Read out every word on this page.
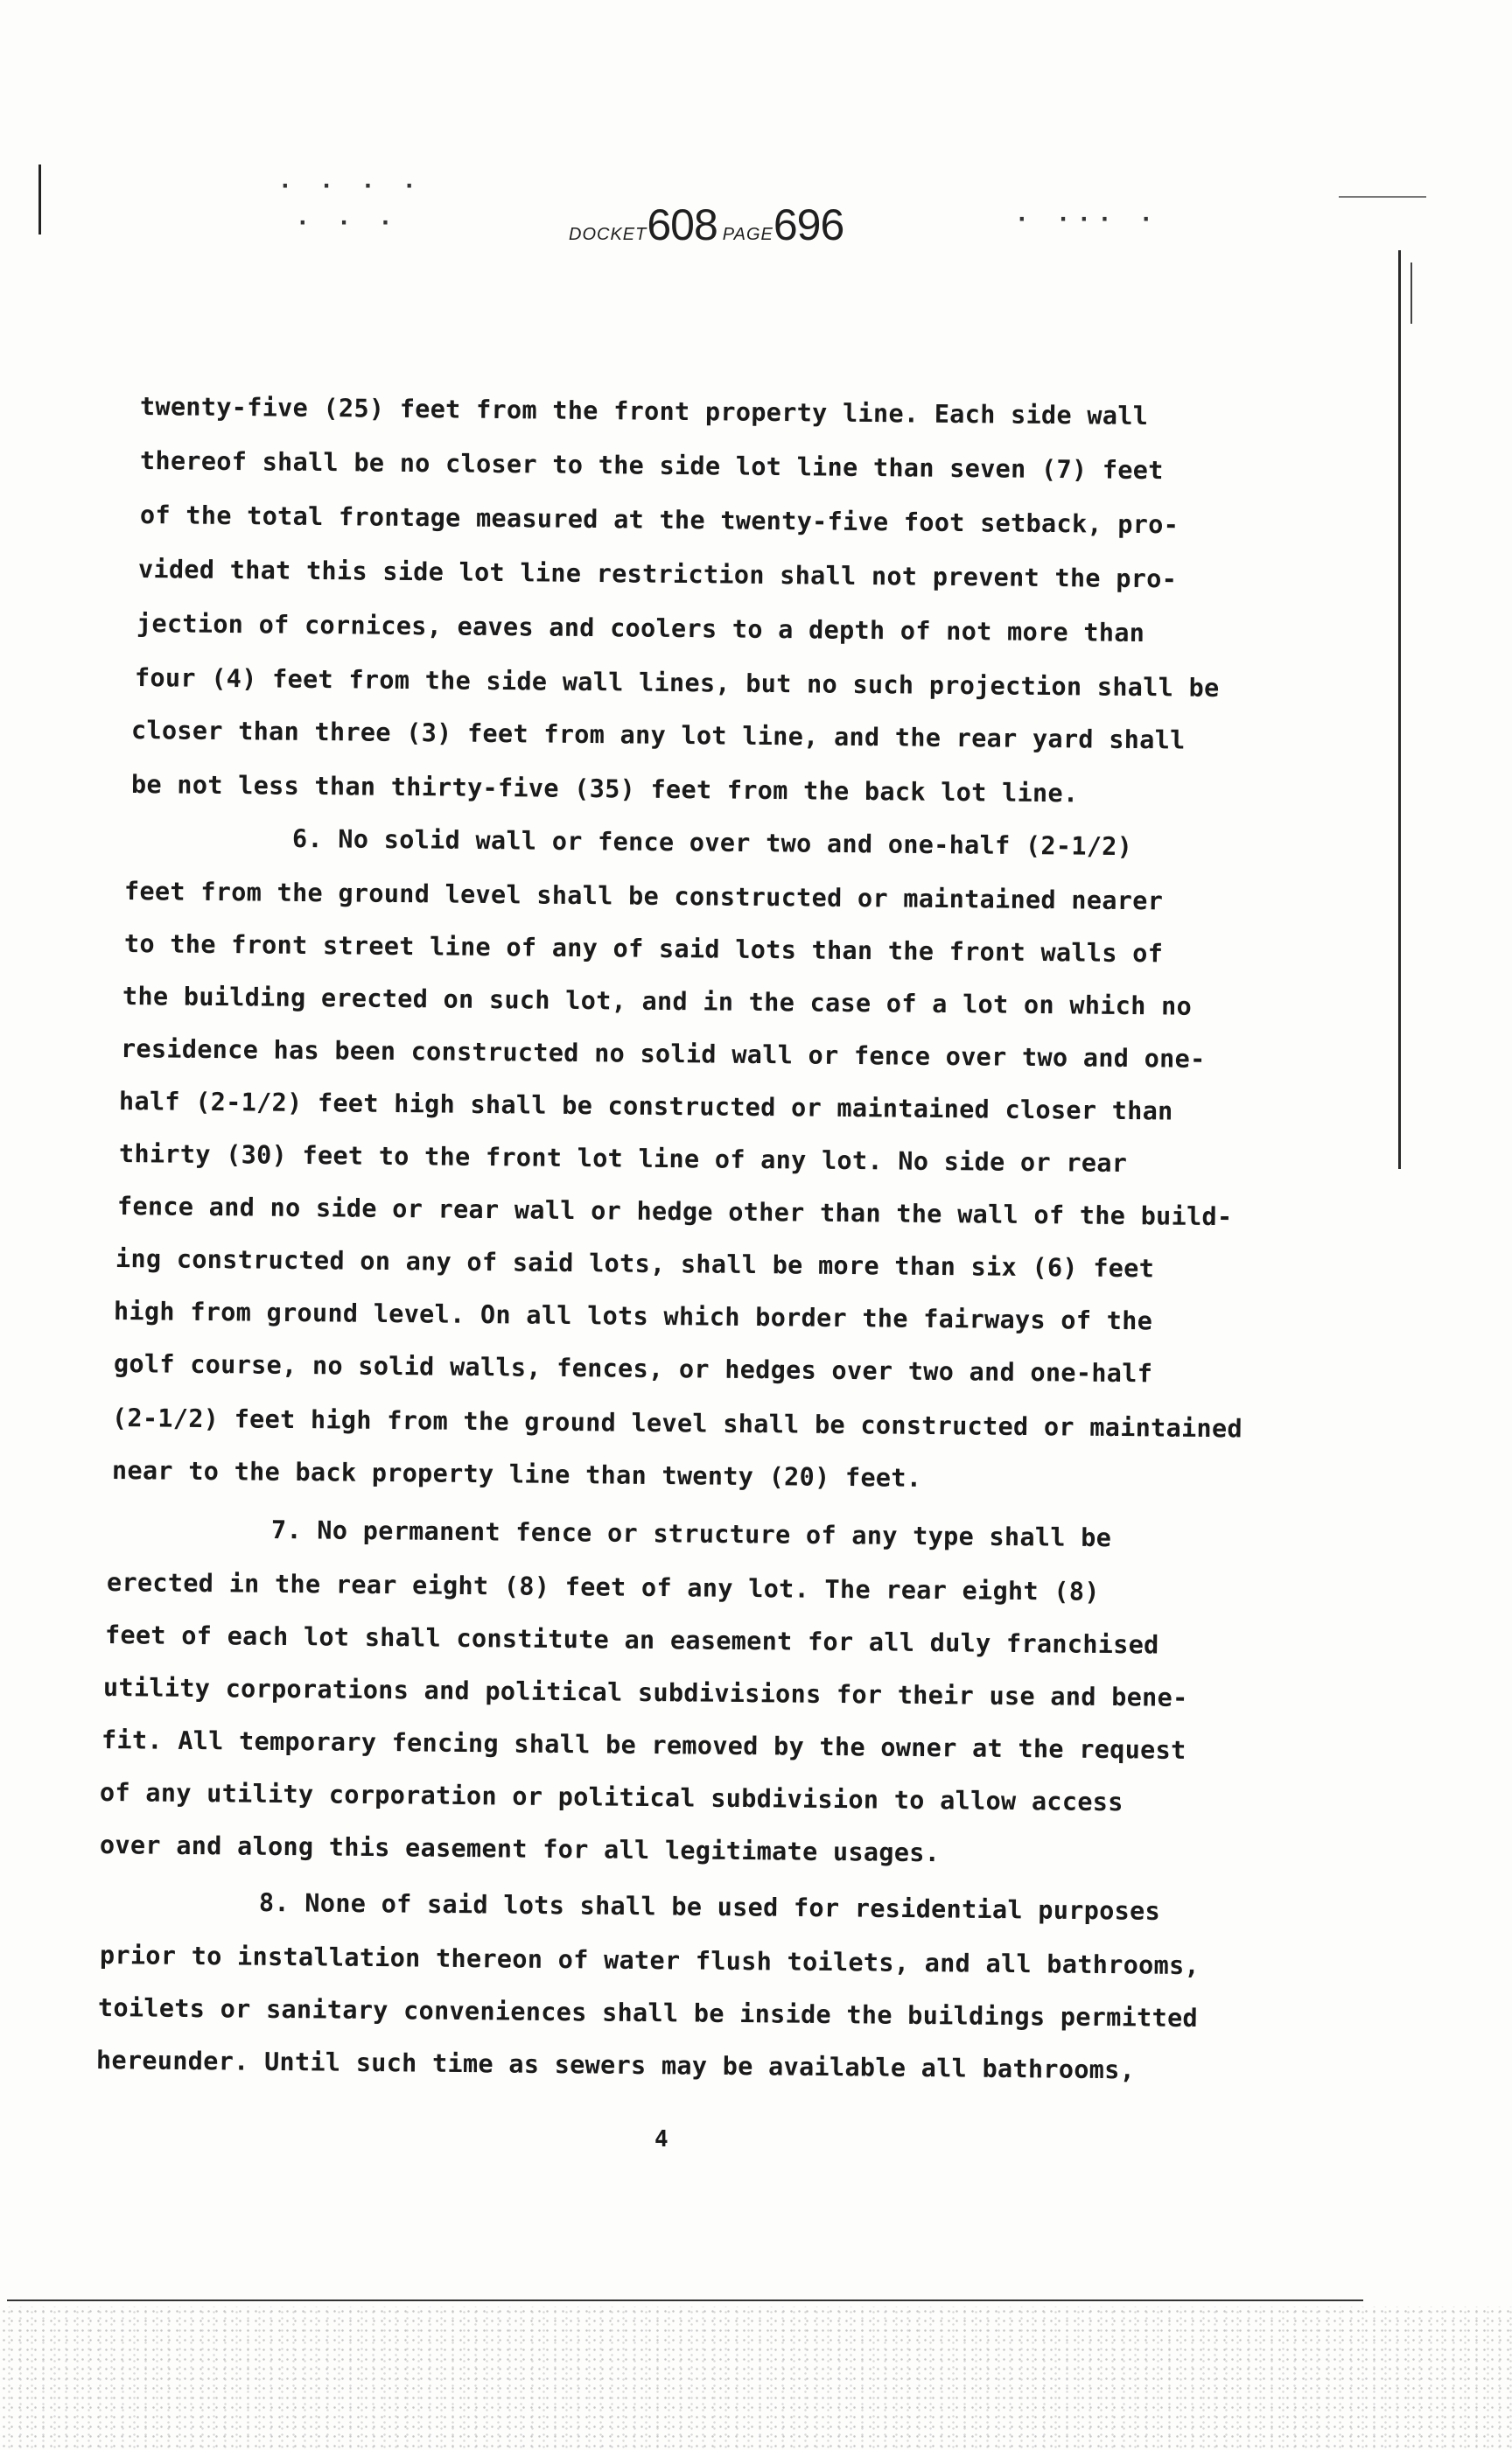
· · · ·
· · ·	· ··· ·
DOCKET608 PAGE696
twenty-five (25) feet from the front property line. Each side wall
thereof shall be no closer to the side lot line than seven (7) feet
of the total frontage measured at the twenty-five foot setback, pro-
vided that this side lot line restriction shall not prevent the pro-
jection of cornices, eaves and coolers to a depth of not more than
four (4) feet from the side wall lines, but no such projection shall be
closer than three (3) feet from any lot line, and the rear yard shall
be not less than thirty-five (35) feet from the back lot line.
6. No solid wall or fence over two and one-half (2-1/2)
feet from the ground level shall be constructed or maintained nearer
to the front street line of any of said lots than the front walls of
the building erected on such lot, and in the case of a lot on which no
residence has been constructed no solid wall or fence over two and one-
half (2-1/2) feet high shall be constructed or maintained closer than
thirty (30) feet to the front lot line of any lot. No side or rear
fence and no side or rear wall or hedge other than the wall of the build-
ing constructed on any of said lots, shall be more than six (6) feet
high from ground level. On all lots which border the fairways of the
golf course, no solid walls, fences, or hedges over two and one-half
(2-1/2) feet high from the ground level shall be constructed or maintained
near to the back property line than twenty (20) feet.
7. No permanent fence or structure of any type shall be
erected in the rear eight (8) feet of any lot. The rear eight (8)
feet of each lot shall constitute an easement for all duly franchised
utility corporations and political subdivisions for their use and bene-
fit. All temporary fencing shall be removed by the owner at the request
of any utility corporation or political subdivision to allow access
over and along this easement for all legitimate usages.
8. None of said lots shall be used for residential purposes
prior to installation thereon of water flush toilets, and all bathrooms,
toilets or sanitary conveniences shall be inside the buildings permitted
hereunder. Until such time as sewers may be available all bathrooms,
4
